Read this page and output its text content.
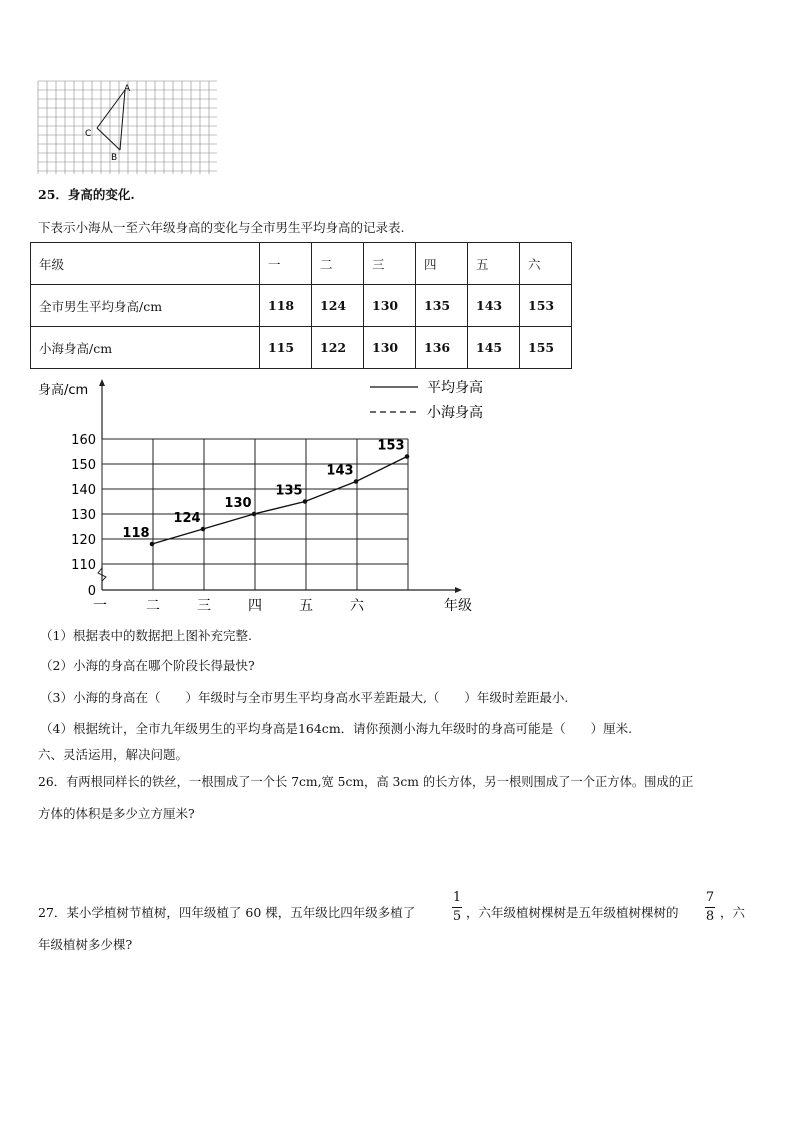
A
C
B
25．身高的变化.
下表示小海从一至六年级身高的变化与全市男生平均身高的记录表.
年级	一	二	三	四	五	六
全市男生平均身高/cm	118	124	130	135	143	153
小海身高/cm	115	122	130	136	145	155
身高/cm
年级
0
110
120
130
140
150
160
一	二	三	四	五	六
118
124
130
135
143
153
平均身高
小海身高
（1）根据表中的数据把上图补充完整.
（2）小海的身高在哪个阶段长得最快?
（3）小海的身高在（　　）年级时与全市男生平均身高水平差距最大,（　　）年级时差距最小.
（4）根据统计，全市九年级男生的平均身高是164cm．请你预测小海九年级时的身高可能是（　　）厘米.
六、灵活运用，解决问题。
26．有两根同样长的铁丝，一根围成了一个长 7cm,宽 5cm，高 3cm 的长方体，另一根则围成了一个正方体。围成的正
方体的体积是多少立方厘米?
27．某小学植树节植树，四年级植了 60 棵，五年级比四年级多植了
1
5 ，六年级植树棵树是五年级植树棵树的
7
8 ，六
年级植树多少棵?
